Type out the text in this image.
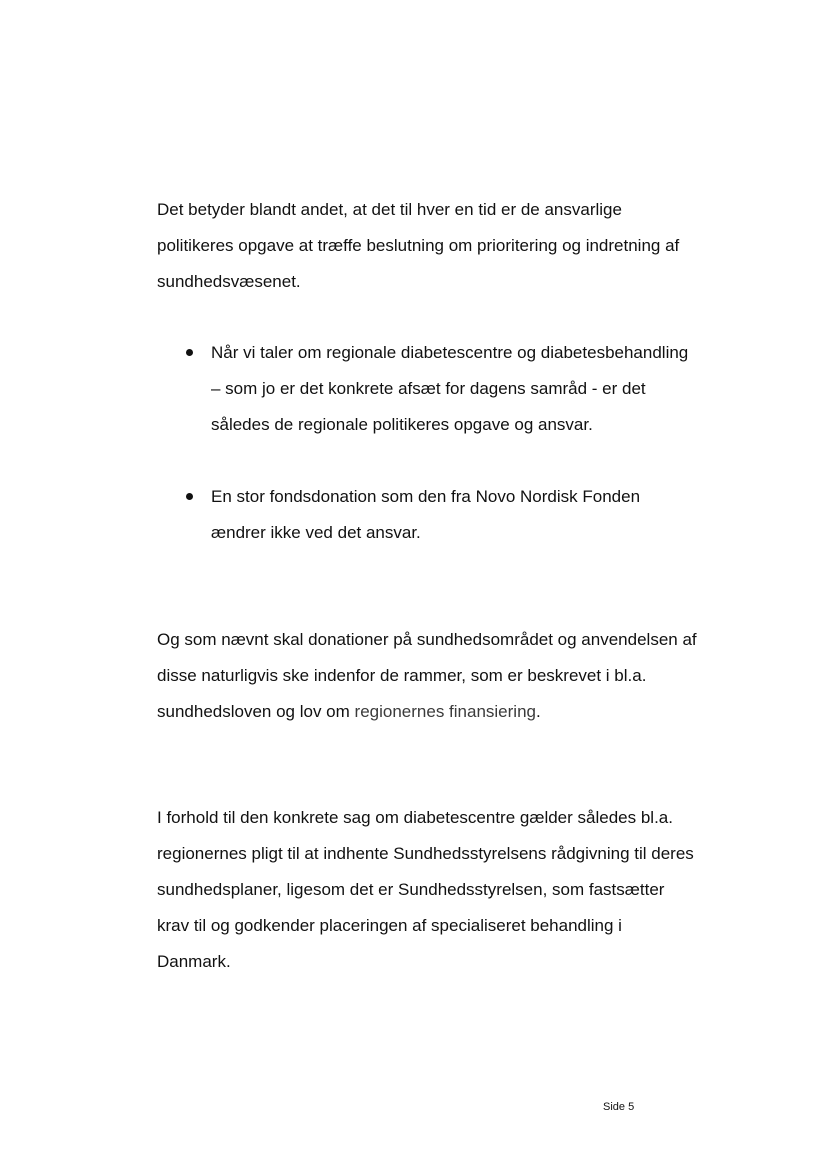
Det betyder blandt andet, at det til hver en tid er de ansvarlige politikeres opgave at træffe beslutning om prioritering og indretning af sundhedsvæsenet.

Når vi taler om regionale diabetescentre og diabetesbehandling – som jo er det konkrete afsæt for dagens samråd - er det således de regionale politikeres opgave og ansvar.
En stor fondsdonation som den fra Novo Nordisk Fonden ændrer ikke ved det ansvar.

Og som nævnt skal donationer på sundhedsområdet og anvendelsen af disse naturligvis ske indenfor de rammer, som er beskrevet i bl.a. sundhedsloven og lov om regionernes finansiering.

I forhold til den konkrete sag om diabetescentre gælder således bl.a. regionernes pligt til at indhente Sundhedsstyrelsens rådgivning til deres sundhedsplaner, ligesom det er Sundhedsstyrelsen, som fastsætter krav til og godkender placeringen af specialiseret behandling i Danmark.

Side 5
